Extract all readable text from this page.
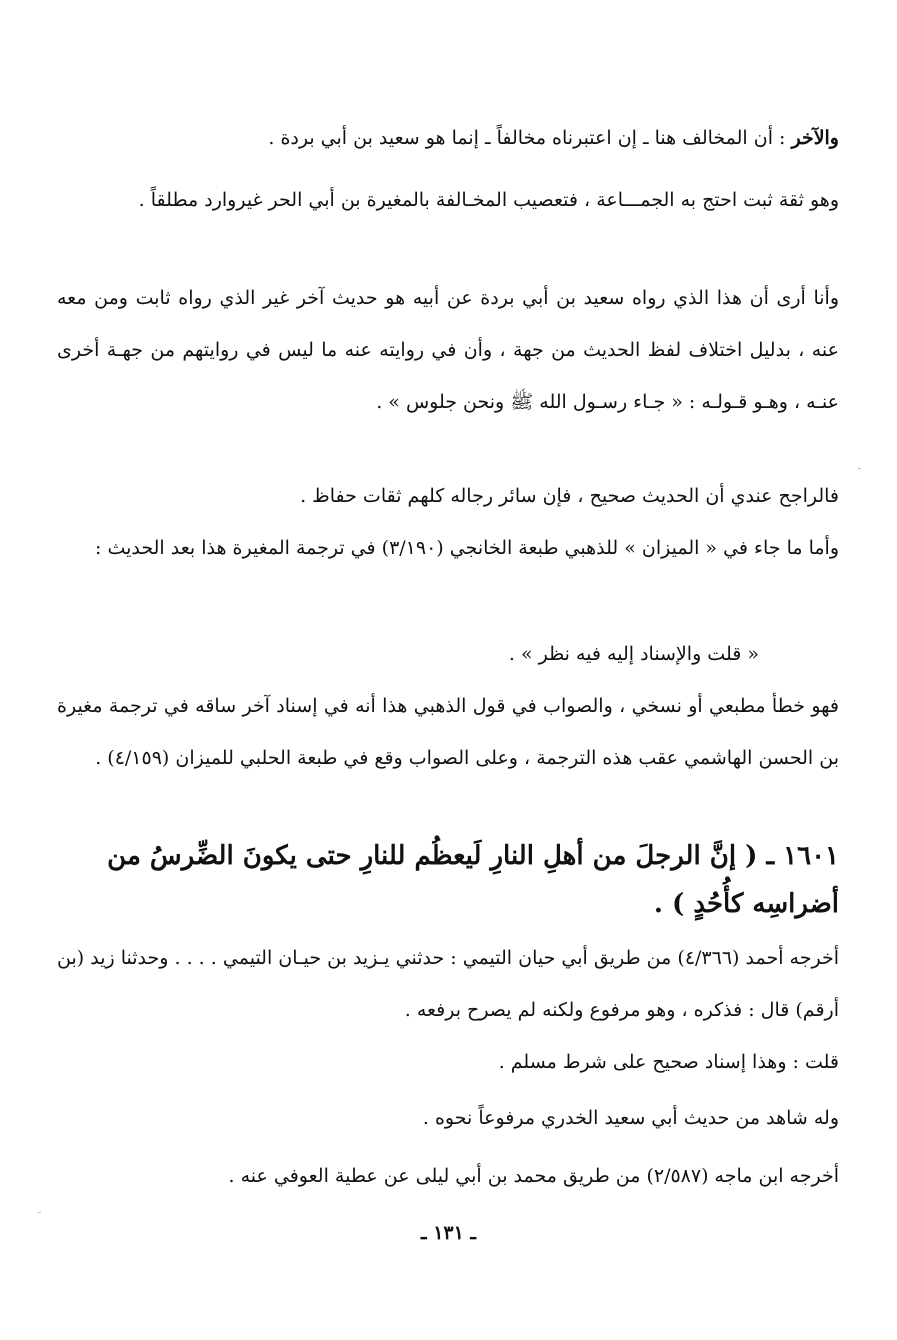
والآخر : أن المخالف هنا ـ إن اعتبرناه مخالفاً ـ إنما هو سعيد بن أبي بردة .

وهو ثقة ثبت احتج به الجمـــاعة ، فتعصيب المخـالفة بالمغيرة بن أبي الحر غيروارد مطلقاً .

وأنا أرى أن هذا الذي رواه سعيد بن أبي بردة عن أبيه هو حديث آخر غير الذي رواه ثابت ومن معه عنه ، بدليل اختلاف لفظ الحديث من جهة ، وأن في روايته عنه ما ليس في روايتهم من جهـة أخرى عنـه ، وهـو قـولـه : « جـاء رسـول الله ﷺ ونحن جلوس » .

فالراجح عندي أن الحديث صحيح ، فإن سائر رجاله كلهم ثقات حفاظ .

وأما ما جاء في « الميزان » للذهبي طبعة الخانجي (٣/١٩٠) في ترجمة المغيرة هذا بعد الحديث :

« قلت والإسناد إليه فيه نظر » .

فهو خطأ مطبعي أو نسخي ، والصواب في قول الذهبي هذا أنه في إسناد آخر ساقه في ترجمة مغيرة بن الحسن الهاشمي عقب هذه الترجمة ، وعلى الصواب وقع في طبعة الحلبي للميزان (٤/١٥٩) .

١٦٠١ ـ ( إنَّ الرجلَ من أهلِ النارِ لَيعظُم للنارِ حتى يكونَ الضِّرسُ من أضراسِه كأُحُدٍ ) .

أخرجه أحمد (٤/٣٦٦) من طريق أبي حيان التيمي : حدثني يـزيد بن حيـان التيمي . . . . وحدثنا زيد (بن أرقم) قال : فذكره ، وهو مرفوع ولكنه لم يصرح برفعه .

قلت : وهذا إسناد صحيح على شرط مسلم .

وله شاهد من حديث أبي سعيد الخدري مرفوعاً نحوه .

أخرجه ابن ماجه (٢/٥٨٧) من طريق محمد بن أبي ليلى عن عطية العوفي عنه .

ـ ١٣١ ـ
